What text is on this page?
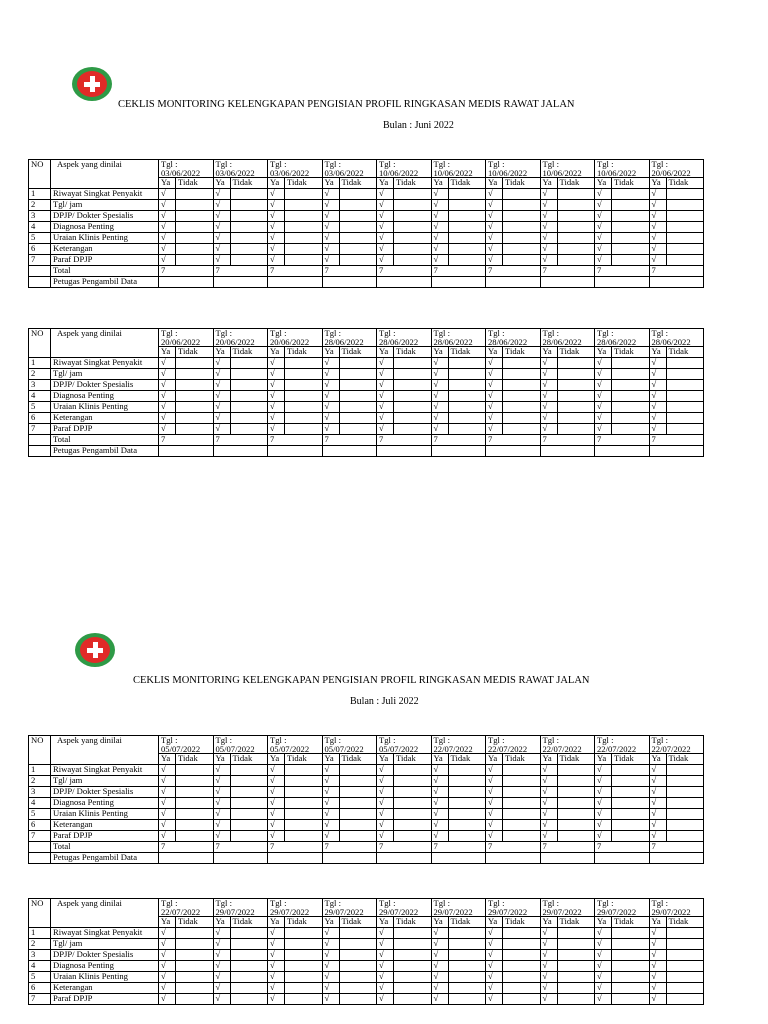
CEKLIS MONITORING KELENGKAPAN PENGISIAN PROFIL RINGKASAN MEDIS RAWAT JALAN
Bulan : Juni 2022
NO	Aspek yang dinilai	Tgl : 03/06/2022		Tgl : 03/06/2022		Tgl : 03/06/2022		Tgl : 03/06/2022		Tgl : 10/06/2022		Tgl : 10/06/2022		Tgl : 10/06/2022		Tgl : 10/06/2022		Tgl : 10/06/2022		Tgl : 20/06/2022	
		Ya	Tidak	Ya	Tidak	Ya	Tidak	Ya	Tidak	Ya	Tidak	Ya	Tidak	Ya	Tidak	Ya	Tidak	Ya	Tidak	Ya	Tidak
1	Riwayat Singkat Penyakit	√		√		√		√		√		√		√		√		√		√	
2	Tgl/ jam	√		√		√		√		√		√		√		√		√		√	
3	DPJP/ Dokter Spesialis	√		√		√		√		√		√		√		√		√		√	
4	Diagnosa Penting	√		√		√		√		√		√		√		√		√		√	
5	Uraian Klinis Penting	√		√		√		√		√		√		√		√		√		√	
6	Keterangan	√		√		√		√		√		√		√		√		√		√	
7	Paraf DPJP	√		√		√		√		√		√		√		√		√		√	
	Total	7		7		7		7		7		7		7		7		7		7	
	Petugas Pengambil Data																				
NO	Aspek yang dinilai	Tgl : 20/06/2022		Tgl : 20/06/2022		Tgl : 20/06/2022		Tgl : 28/06/2022		Tgl : 28/06/2022		Tgl : 28/06/2022		Tgl : 28/06/2022		Tgl : 28/06/2022		Tgl : 28/06/2022		Tgl : 28/06/2022	
		Ya	Tidak	Ya	Tidak	Ya	Tidak	Ya	Tidak	Ya	Tidak	Ya	Tidak	Ya	Tidak	Ya	Tidak	Ya	Tidak	Ya	Tidak
1	Riwayat Singkat Penyakit	√		√		√		√		√		√		√		√		√		√	
2	Tgl/ jam	√		√		√		√		√		√		√		√		√		√	
3	DPJP/ Dokter Spesialis	√		√		√		√		√		√		√		√		√		√	
4	Diagnosa Penting	√		√		√		√		√		√		√		√		√		√	
5	Uraian Klinis Penting	√		√		√		√		√		√		√		√		√		√	
6	Keterangan	√		√		√		√		√		√		√		√		√		√	
7	Paraf DPJP	√		√		√		√		√		√		√		√		√		√	
	Total	7		7		7		7		7		7		7		7		7		7	
	Petugas Pengambil Data																				
CEKLIS MONITORING KELENGKAPAN PENGISIAN PROFIL RINGKASAN MEDIS RAWAT JALAN
Bulan : Juli 2022
NO	Aspek yang dinilai	Tgl : 05/07/2022		Tgl : 05/07/2022		Tgl : 05/07/2022		Tgl : 05/07/2022		Tgl : 05/07/2022		Tgl : 22/07/2022		Tgl : 22/07/2022		Tgl : 22/07/2022		Tgl : 22/07/2022		Tgl : 22/07/2022	
		Ya	Tidak	Ya	Tidak	Ya	Tidak	Ya	Tidak	Ya	Tidak	Ya	Tidak	Ya	Tidak	Ya	Tidak	Ya	Tidak	Ya	Tidak
1	Riwayat Singkat Penyakit	√		√		√		√		√		√		√		√		√		√	
2	Tgl/ jam	√		√		√		√		√		√		√		√		√		√	
3	DPJP/ Dokter Spesialis	√		√		√		√		√		√		√		√		√		√	
4	Diagnosa Penting	√		√		√		√		√		√		√		√		√		√	
5	Uraian Klinis Penting	√		√		√		√		√		√		√		√		√		√	
6	Keterangan	√		√		√		√		√		√		√		√		√		√	
7	Paraf DPJP	√		√		√		√		√		√		√		√		√		√	
	Total	7		7		7		7		7		7		7		7		7		7	
	Petugas Pengambil Data																				
NO	Aspek yang dinilai	Tgl : 22/07/2022		Tgl : 29/07/2022		Tgl : 29/07/2022		Tgl : 29/07/2022		Tgl : 29/07/2022		Tgl : 29/07/2022		Tgl : 29/07/2022		Tgl : 29/07/2022		Tgl : 29/07/2022		Tgl : 29/07/2022	
		Ya	Tidak	Ya	Tidak	Ya	Tidak	Ya	Tidak	Ya	Tidak	Ya	Tidak	Ya	Tidak	Ya	Tidak	Ya	Tidak	Ya	Tidak
1	Riwayat Singkat Penyakit	√		√		√		√		√		√		√		√		√		√	
2	Tgl/ jam	√		√		√		√		√		√		√		√		√		√	
3	DPJP/ Dokter Spesialis	√		√		√		√		√		√		√		√		√		√	
4	Diagnosa Penting	√		√		√		√		√		√		√		√		√		√	
5	Uraian Klinis Penting	√		√		√		√		√		√		√		√		√		√	
6	Keterangan	√		√		√		√		√		√		√		√		√		√	
7	Paraf DPJP	√		√		√		√		√		√		√		√		√		√	
